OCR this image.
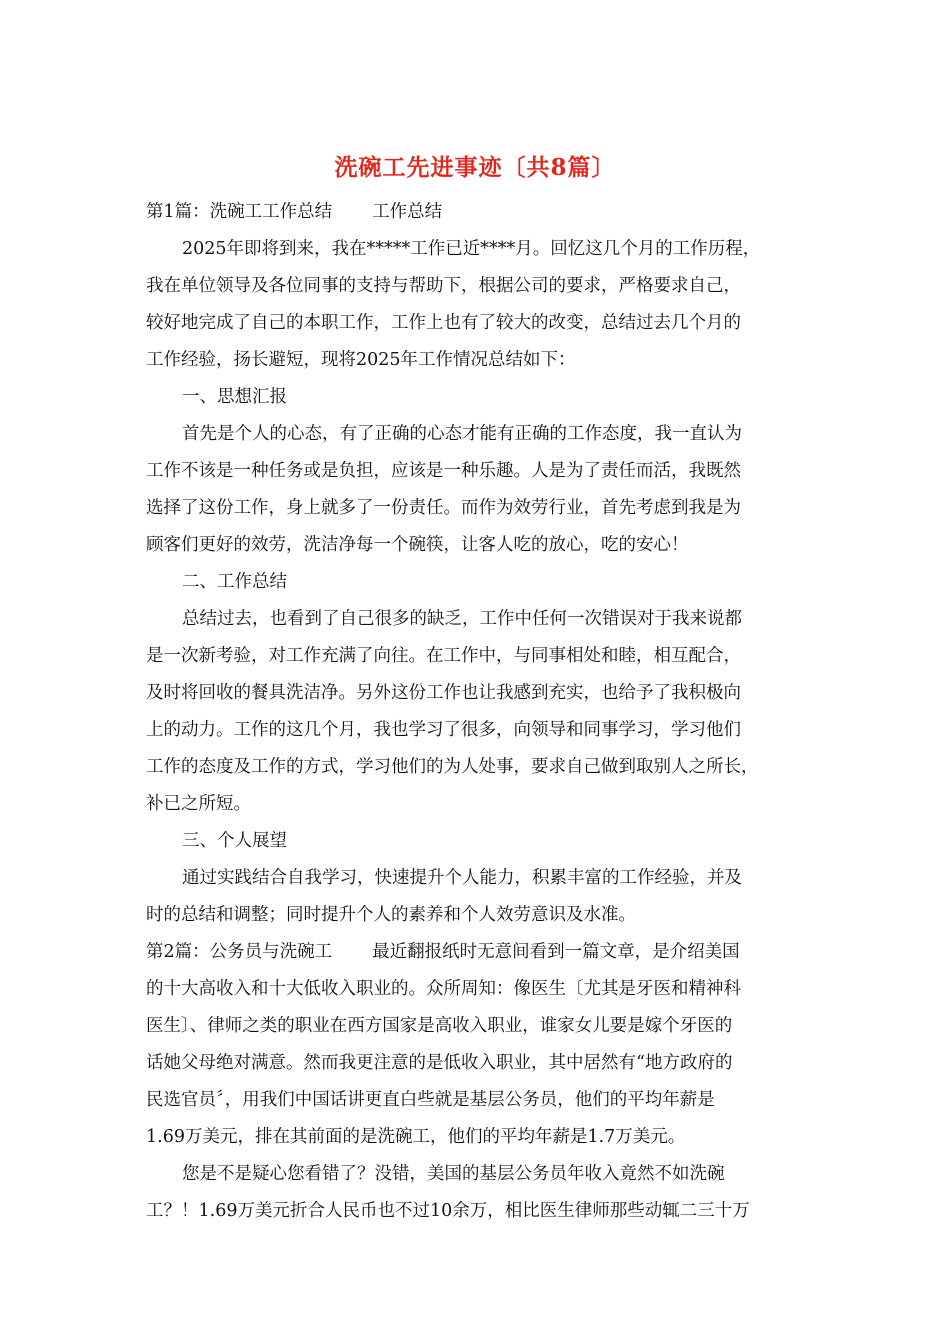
洗碗工先进事迹〔共8篇〕
第1篇：洗碗工工作总结 工作总结
2025年即将到来，我在*****工作已近****月。回忆这几个月的工作历程，
我在单位领导及各位同事的支持与帮助下，根据公司的要求，严格要求自己，
较好地完成了自己的本职工作，工作上也有了较大的改变，总结过去几个月的
工作经验，扬长避短，现将2025年工作情况总结如下：
一、思想汇报
首先是个人的心态，有了正确的心态才能有正确的工作态度，我一直认为
工作不该是一种任务或是负担，应该是一种乐趣。人是为了责任而活，我既然
选择了这份工作，身上就多了一份责任。而作为效劳行业，首先考虑到我是为
顾客们更好的效劳，洗洁净每一个碗筷，让客人吃的放心，吃的安心！
二、工作总结
总结过去，也看到了自己很多的缺乏，工作中任何一次错误对于我来说都
是一次新考验，对工作充满了向往。在工作中，与同事相处和睦，相互配合，
及时将回收的餐具洗洁净。另外这份工作也让我感到充实，也给予了我积极向
上的动力。工作的这几个月，我也学习了很多，向领导和同事学习，学习他们
工作的态度及工作的方式，学习他们的为人处事，要求自己做到取别人之所长，
补已之所短。
三、个人展望
通过实践结合自我学习，快速提升个人能力，积累丰富的工作经验，并及
时的总结和调整；同时提升个人的素养和个人效劳意识及水准。
第2篇：公务员与洗碗工 最近翻报纸时无意间看到一篇文章，是介绍美国
的十大高收入和十大低收入职业的。众所周知：像医生〔尤其是牙医和精神科
医生〕、律师之类的职业在西方国家是高收入职业，谁家女儿要是嫁个牙医的
话她父母绝对满意。然而我更注意的是低收入职业，其中居然有“地方政府的
民选官员〞，用我们中国话讲更直白些就是基层公务员，他们的平均年薪是
1.69万美元，排在其前面的是洗碗工，他们的平均年薪是1.7万美元。
您是不是疑心您看错了？没错，美国的基层公务员年收入竟然不如洗碗
工？！1.69万美元折合人民币也不过10余万，相比医生律师那些动辄二三十万
